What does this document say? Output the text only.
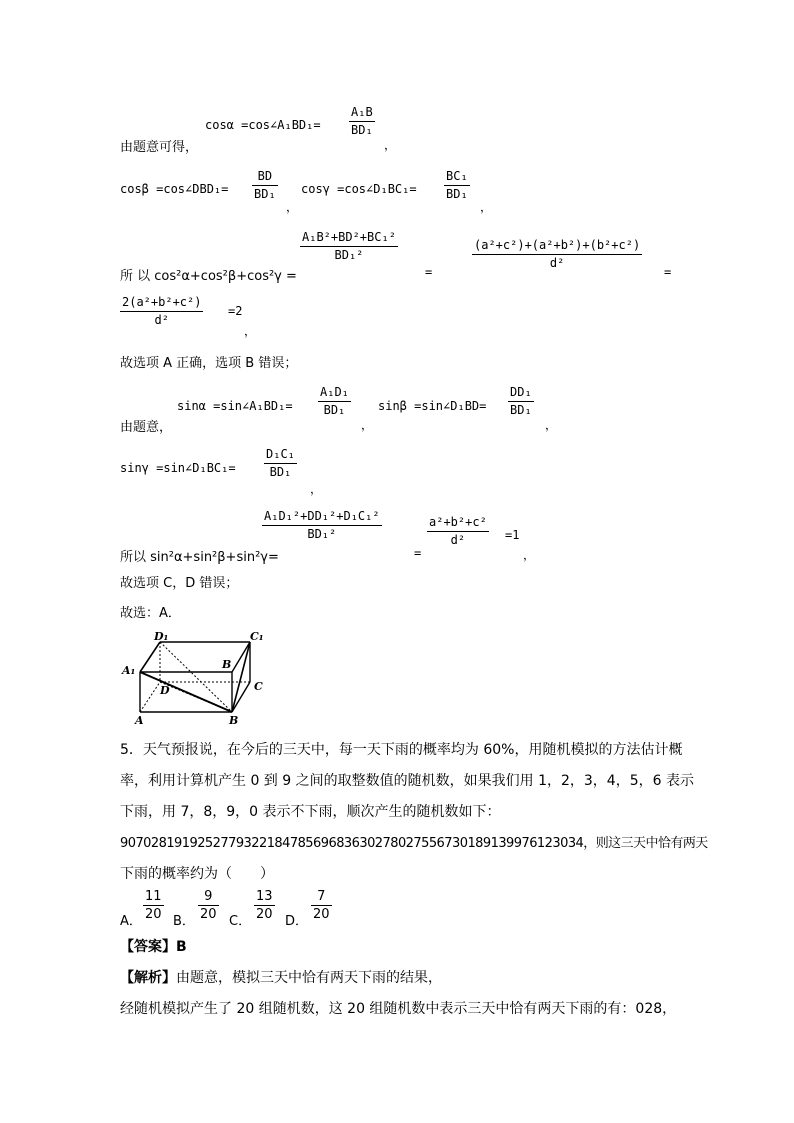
cosα =cos∠A₁BD₁= $\frac{\text{A₁B}}{\text{BD₁}}$
，
由题意可得，
cosβ =cos∠DBD₁= $\frac{BD}{\text{BD₁}}$
，
cosγ =cos∠D₁BC₁= $\frac{\text{BC₁}}{\text{BD₁}}$
，
所 以 cos²α+cos²β+cos²γ =
$\frac{\text{A₁B²+BD²+BC₁²}}{\text{BD₁²}}$
=	$\frac{\text{(a²+c²)+(a²+b²)+(b²+c²)}}{\text{d²}}$ =
$\frac{\text{2(a²+b²+c²)}}{\text{d²}} =2$
，
故选项 A 正确，选项 B 错误；
由题意，
sinα =sin∠A₁BD₁= $\frac{\text{A₁D₁}}{\text{BD₁}}$
，
sinβ =sin∠D₁BD= $\frac{\text{DD₁}}{\text{BD₁}}$
，
sinγ =sin∠D₁BC₁= $\frac{\text{D₁C₁}}{\text{BD₁}}$
，
所以 sin²α+sin²β+sin²γ=
$\frac{\text{A₁D₁²+DD₁²+D₁C₁²}}{\text{BD₁²}}$
=
$\frac{\text{a²+b²+c²}}{\text{d²}} =1$
，
故选项 C，D 错误；
故选：A．
D₁	C₁
A₁	B
D	C
A	B
5．天气预报说，在今后的三天中，每一天下雨的概率均为 60%，用随机模拟的方法估计概
率，利用计算机产生 0 到 9 之间的取整数值的随机数，如果我们用 1，2，3，4，5，6 表示
下雨，用 7，8，9，0 表示不下雨，顺次产生的随机数如下：
907028191925277932218478569683630278027556730189139976123034，则这三天中恰有两天
下雨的概率约为（　　）
A． $\frac{11}{20}$ B． $\frac{9}{20}$ C． $\frac{13}{20}$ D． $\frac{7}{20}$
【答案】B
【解析】由题意，模拟三天中恰有两天下雨的结果，
经随机模拟产生了 20 组随机数，这 20 组随机数中表示三天中恰有两天下雨的有：028，
